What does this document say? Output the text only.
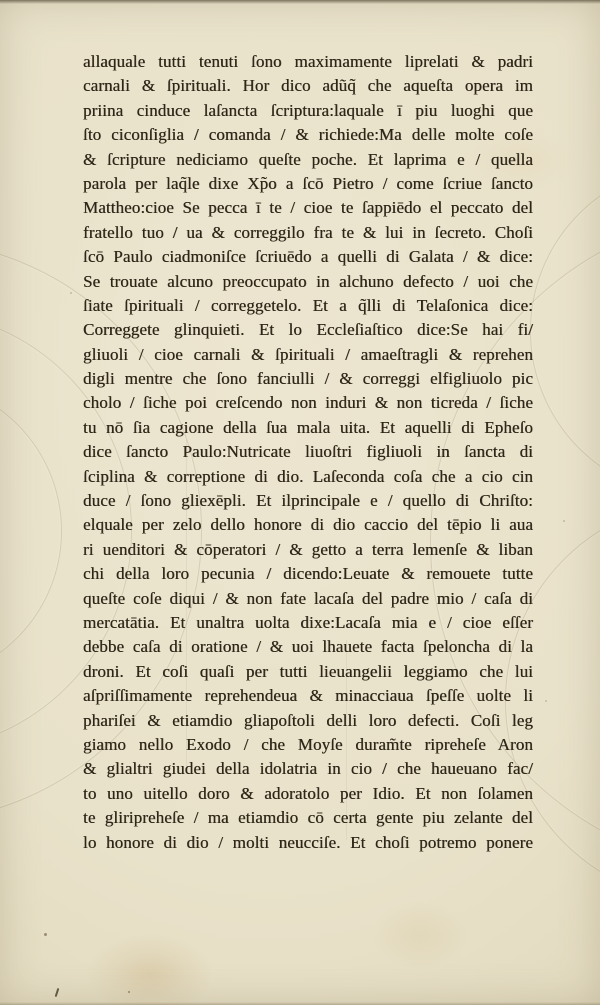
allaquale tutti tenuti ſono maximamente liprelati & padri
carnali & ſpirituali. Hor dico adũq̃ che aqueſta opera im
priina cinduce laſancta ſcriptura:laquale ī piu luoghi que
ſto ciconſiglia / comanda / & richiede:Ma delle molte coſe
& ſcripture nediciamo queſte poche. Et laprima e / quella
parola per laq̃le dixe Xp̃o a ſcō Pietro / come ſcriue ſancto
Mattheo:cioe Se pecca ī te / cioe te ſappiēdo el peccato del
fratello tuo / ua & correggilo fra te & lui in ſecreto. Choſi
ſcō Paulo ciadmoniſce ſcriuēdo a quelli di Galata / & dice:
Se trouate alcuno preoccupato in alchuno defecto / uoi che
ſiate ſpirituali / correggetelo. Et a q̃lli di Telaſonica dice:
Correggete glinquieti. Et lo Eccleſiaſtico dice:Se hai fi/
gliuoli / cioe carnali & ſpirituali / amaeſtragli & reprehen
digli mentre che ſono fanciulli / & correggi elfigliuolo pic
cholo / ſiche poi creſcendo non induri & non ticreda / ſiche
tu nō ſia cagione della ſua mala uita. Et aquelli di Epheſo
dice ſancto Paulo:Nutricate liuoſtri figliuoli in ſancta di
ſciplina & correptione di dio. Laſeconda coſa che a cio cin
duce / ſono gliexēpli. Et ilprincipale e / quello di Chriſto:
elquale per zelo dello honore di dio caccio del tēpio li aua
ri uenditori & cōperatori / & getto a terra lemenſe & liban
chi della loro pecunia / dicendo:Leuate & remouete tutte
queſte coſe diqui / & non fate lacaſa del padre mio / caſa di
mercatātia. Et unaltra uolta dixe:Lacaſa mia e / cioe eſſer
debbe caſa di oratione / & uoi lhauete facta ſpeloncha di la
droni. Et coſi quaſi per tutti lieuangelii leggiamo che lui
aſpriſſimamente reprehendeua & minacciaua ſpeſſe uolte li
phariſei & etiamdio gliapoſtoli delli loro defecti. Coſi leg
giamo nello Exodo / che Moyſe duram̃te ripreheſe Aron
& glialtri giudei della idolatria in cio / che haueuano fac/
to uno uitello doro & adoratolo per Idio. Et non ſolamen
te gliripreheſe / ma etiamdio cō certa gente piu zelante del
lo honore di dio / molti neucciſe. Et choſi potremo ponere
